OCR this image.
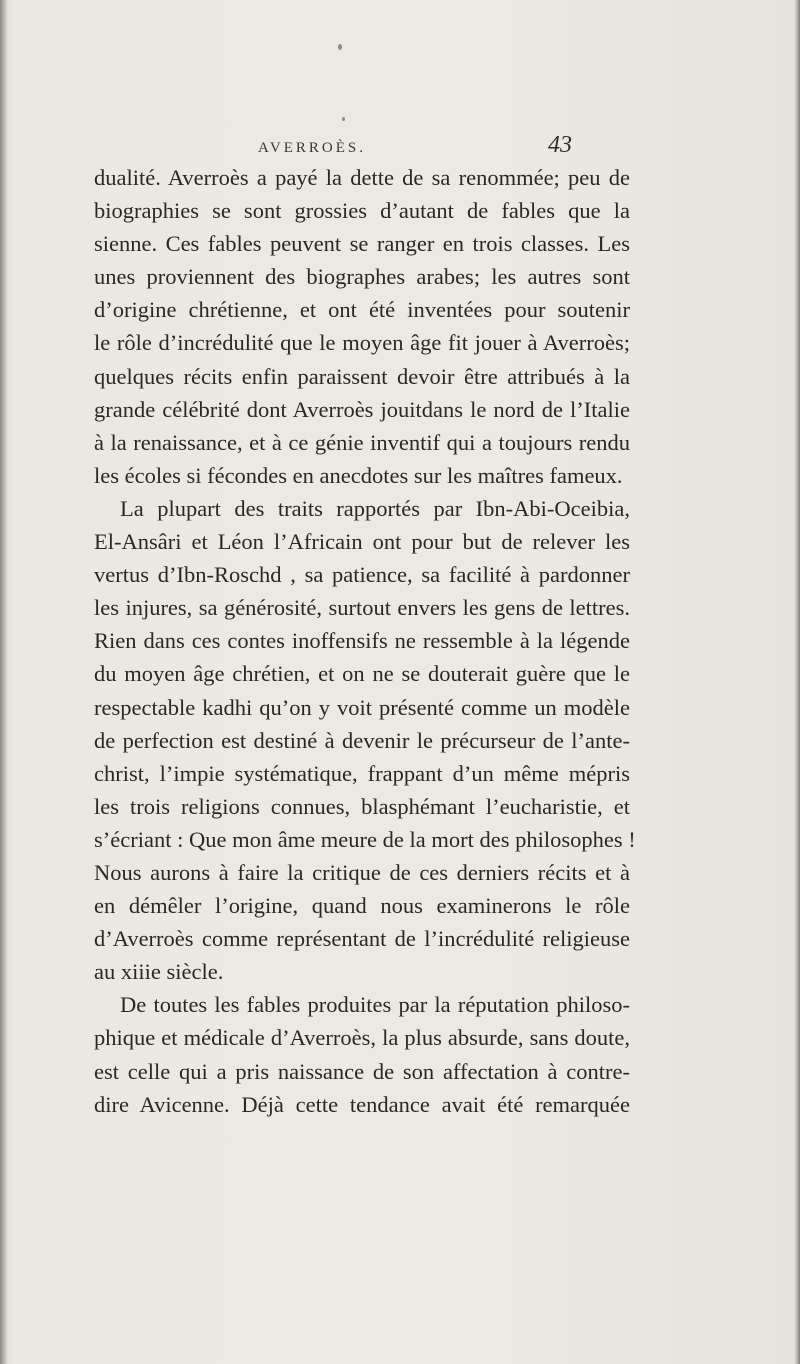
AVERROÈS.	43
dualité. Averroès a payé la dette de sa renommée; peu de
biographies se sont grossies d’autant de fables que la
sienne. Ces fables peuvent se ranger en trois classes. Les
unes proviennent des biographes arabes; les autres sont
d’origine chrétienne, et ont été inventées pour soutenir
le rôle d’incrédulité que le moyen âge fit jouer à Averroès;
quelques récits enfin paraissent devoir être attribués à la
grande célébrité dont Averroès jouitdans le nord de l’Italie
à la renaissance, et à ce génie inventif qui a toujours rendu
les écoles si fécondes en anecdotes sur les maîtres fameux.
La plupart des traits rapportés par Ibn-Abi-Oceibia,
El-Ansâri et Léon l’Africain ont pour but de relever les
vertus d’Ibn-Roschd , sa patience, sa facilité à pardonner
les injures, sa générosité, surtout envers les gens de lettres.
Rien dans ces contes inoffensifs ne ressemble à la légende
du moyen âge chrétien, et on ne se douterait guère que le
respectable kadhi qu’on y voit présenté comme un modèle
de perfection est destiné à devenir le précurseur de l’ante-
christ, l’impie systématique, frappant d’un même mépris
les trois religions connues, blasphémant l’eucharistie, et
s’écriant : Que mon âme meure de la mort des philosophes !
Nous aurons à faire la critique de ces derniers récits et à
en démêler l’origine, quand nous examinerons le rôle
d’Averroès comme représentant de l’incrédulité religieuse
au xiiie siècle.
De toutes les fables produites par la réputation philoso-
phique et médicale d’Averroès, la plus absurde, sans doute,
est celle qui a pris naissance de son affectation à contre-
dire Avicenne. Déjà cette tendance avait été remarquée
